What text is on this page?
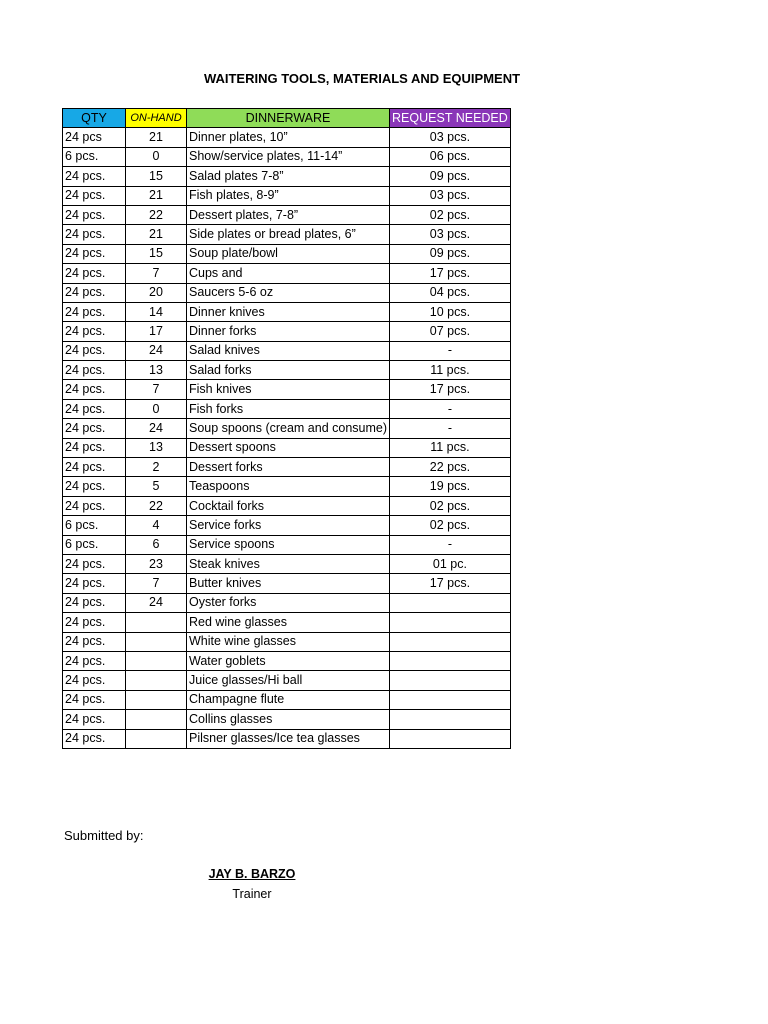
WAITERING TOOLS, MATERIALS AND EQUIPMENT
QTY	ON-HAND	DINNERWARE	REQUEST NEEDED
24 pcs	21	Dinner plates, 10”	03 pcs.
6 pcs.	0	Show/service plates, 11-14”	06 pcs.
24 pcs.	15	Salad plates 7-8”	09 pcs.
24 pcs.	21	Fish plates, 8-9”	03 pcs.
24 pcs.	22	Dessert plates, 7-8”	02 pcs.
24 pcs.	21	Side plates or bread plates, 6”	03 pcs.
24 pcs.	15	Soup plate/bowl	09 pcs.
24 pcs.	7	Cups and	17 pcs.
24 pcs.	20	Saucers 5-6 oz	04 pcs.
24 pcs.	14	Dinner knives	10 pcs.
24 pcs.	17	Dinner forks	07 pcs.
24 pcs.	24	Salad knives	-
24 pcs.	13	Salad forks	11 pcs.
24 pcs.	7	Fish knives	17 pcs.
24 pcs.	0	Fish forks	-
24 pcs.	24	Soup spoons (cream and consume)	-
24 pcs.	13	Dessert spoons	11 pcs.
24 pcs.	2	Dessert forks	22 pcs.
24 pcs.	5	Teaspoons	19 pcs.
24 pcs.	22	Cocktail forks	02 pcs.
6 pcs.	4	Service forks	02 pcs.
6 pcs.	6	Service spoons	-
24 pcs.	23	Steak knives	01 pc.
24 pcs.	7	Butter knives	17 pcs.
24 pcs.	24	Oyster forks	
24 pcs.		Red wine glasses	
24 pcs.		White wine glasses	
24 pcs.		Water goblets	
24 pcs.		Juice glasses/Hi ball	
24 pcs.		Champagne flute	
24 pcs.		Collins glasses	
24 pcs.		Pilsner glasses/Ice tea glasses	
Submitted by:
JAY B. BARZO
Trainer
